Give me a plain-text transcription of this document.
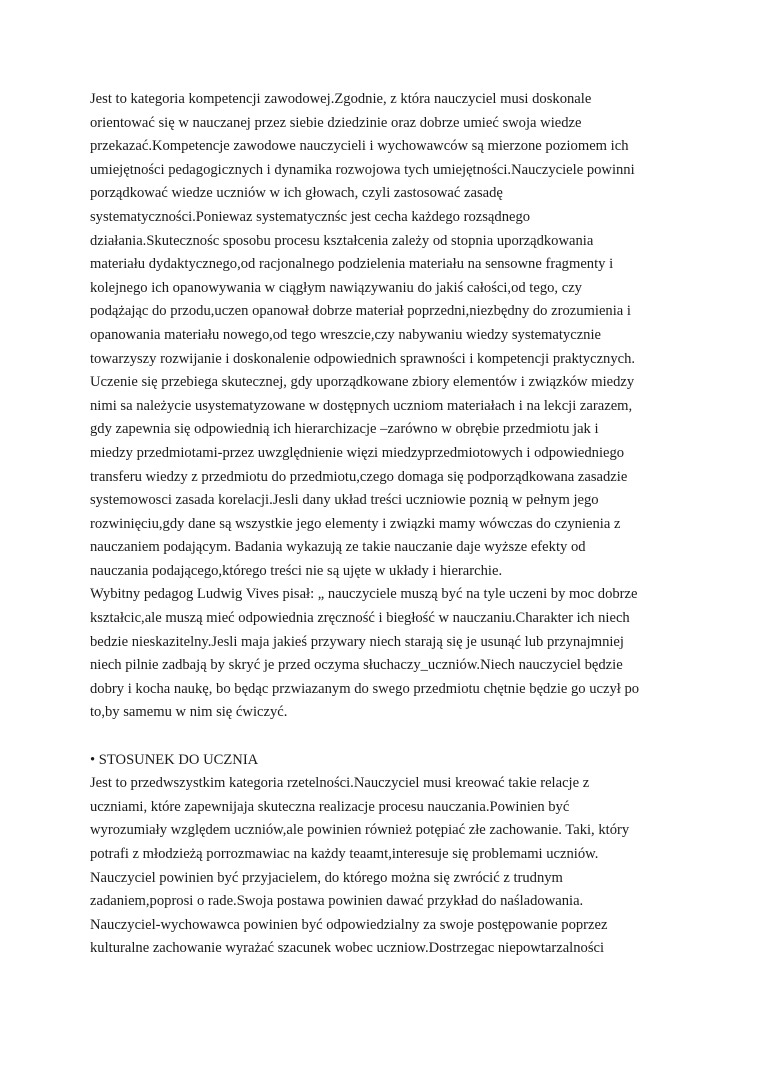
Jest to kategoria kompetencji zawodowej.Zgodnie, z która nauczyciel musi doskonale
orientować się w nauczanej przez siebie dziedzinie oraz dobrze umieć swoja wiedze
przekazać.Kompetencje zawodowe nauczycieli i wychowawców są mierzone poziomem ich
umiejętności pedagogicznych i dynamika rozwojowa tych umiejętności.Nauczyciele powinni
porządkować wiedze uczniów w ich głowach, czyli zastosować zasadę
systematyczności.Poniewaz systematycznśc jest cecha każdego rozsądnego
działania.Skutecznośc sposobu procesu kształcenia zależy od stopnia uporządkowania
materiału dydaktycznego,od racjonalnego podzielenia materiału na sensowne fragmenty i
kolejnego ich opanowywania w ciągłym nawiązywaniu do jakiś całości,od tego, czy
podążając do przodu,uczen opanował dobrze materiał poprzedni,niezbędny do zrozumienia i
opanowania materiału nowego,od tego wreszcie,czy nabywaniu wiedzy systematycznie
towarzyszy rozwijanie i doskonalenie odpowiednich sprawności i kompetencji praktycznych.
Uczenie się przebiega skutecznej, gdy uporządkowane zbiory elementów i związków miedzy
nimi sa należycie usystematyzowane w dostępnych uczniom materiałach i na lekcji zarazem,
gdy zapewnia się odpowiednią ich hierarchizacje –zarówno w obrębie przedmiotu jak i
miedzy przedmiotami-przez uwzględnienie więzi miedzyprzedmiotowych i odpowiedniego
transferu wiedzy z przedmiotu do przedmiotu,czego domaga się podporządkowana zasadzie
systemowosci zasada korelacji.Jesli dany układ treści uczniowie poznią w pełnym jego
rozwinięciu,gdy dane są wszystkie jego elementy i związki mamy wówczas do czynienia z
nauczaniem podającym. Badania wykazują ze takie nauczanie daje wyższe efekty od
nauczania podającego,którego treści nie są ujęte w układy i hierarchie.
Wybitny pedagog Ludwig Vives pisał: „ nauczyciele muszą być na tyle uczeni by moc dobrze
kształcic,ale muszą mieć odpowiednia zręczność i biegłość w nauczaniu.Charakter ich niech
bedzie nieskazitelny.Jesli maja jakieś przywary niech starają się je usunąć lub przynajmniej
niech pilnie zadbają by skryć je przed oczyma słuchaczy_uczniów.Niech nauczyciel będzie
dobry i kocha naukę, bo będąc przwiazanym do swego przedmiotu chętnie będzie go uczył po
to,by samemu w nim się ćwiczyć.
• STOSUNEK DO UCZNIA
Jest to przedwszystkim kategoria rzetelności.Nauczyciel musi kreować takie relacje z
uczniami, które zapewnijaja skuteczna realizacje procesu nauczania.Powinien być
wyrozumiały względem uczniów,ale powinien również potępiać złe zachowanie. Taki, który
potrafi z młodzieżą porrozmawiac na każdy teaamt,interesuje się problemami uczniów.
Nauczyciel powinien być przyjacielem, do którego można się zwrócić z trudnym
zadaniem,poprosi o rade.Swoja postawa powinien dawać przykład do naśladowania.
Nauczyciel-wychowawca powinien być odpowiedzialny za swoje postępowanie poprzez
kulturalne zachowanie wyrażać szacunek wobec uczniow.Dostrzegac niepowtarzalności
